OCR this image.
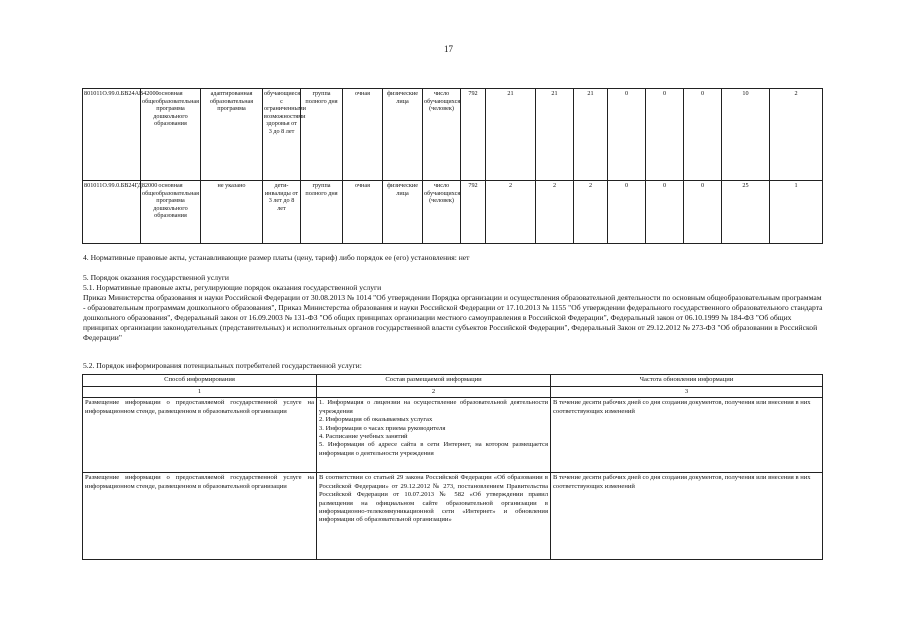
17
801011О.99.0.БВ24АВ42000	основная общеобразовательная программа дошкольного образования	адаптированная образовательная программа	обучающиеся с ограниченными возможностями здоровья от 3 до 8 лет	группа полного дня	очная	физические лица	число обучающихся (человек)	792	21	21	21	0	0	0	10	2
801011О.99.0.БВ24ГД82000	основная общеобразовательная программа дошкольного образования	не указано	дети-инвалиды от 3 лет до 8 лет	группа полного дня	очная	физические лица	число обучающихся (человек)	792	2	2	2	0	0	0	25	1
4. Нормативные правовые акты, устанавливающие размер платы (цену, тариф) либо порядок ее (его) установления: нет
5. Порядок оказания государственной услуги
5.1. Нормативные правовые акты, регулирующие порядок оказания государственной услуги
Приказ Министерства образования и науки Российской Федерации от 30.08.2013 № 1014 "Об утверждении Порядка организации и осуществления образовательной деятельности по основным общеобразовательным программам - образовательным программам дошкольного образования", Приказ Министерства образования и науки Российской Федерации от 17.10.2013 № 1155 "Об утверждении федерального государственного образовательного стандарта дошкольного образования", Федеральный закон от 16.09.2003 № 131-ФЗ "Об общих принципах организации местного самоуправления в Российской Федерации", Федеральный закон от 06.10.1999 № 184-ФЗ "Об общих принципах организации законодательных (представительных) и исполнительных органов государственной власти субъектов Российской Федерации", Федеральный Закон от 29.12.2012 № 273-ФЗ "Об образовании в Российской Федерации"
5.2. Порядок информирования потенциальных потребителей государственной услуги:
Способ информирования	Состав размещаемой информации	Частота обновления информации
1	2	3
Размещение информации о предоставляемой государственной услуге на информационном стенде, размещенном в образовательной организации	1. Информация о лицензии на осуществление образовательной деятельности учреждения
2. Информация об оказываемых услугах
3. Информация о часах приема руководителя
4. Расписание учебных занятий
5. Информация об адресе сайта в сети Интернет, на котором размещается информация о деятельности учреждения	В течение десяти рабочих дней со дня создания документов, получения или внесения в них соответствующих изменений
Размещение информации о предоставляемой государственной услуге на информационном стенде, размещенном в образовательной организации	В соответствии со статьей 29 закона Российской Федерации «Об образовании в Российской Федерации» от 29.12.2012 № 273, постановлением Правительства Российской Федерации от 10.07.2013 № 582 «Об утверждении правил размещения на официальном сайте образовательной организации в информационно-телекоммуникационной сети «Интернет» и обновления информации об образовательной организации»	В течение десяти рабочих дней со дня создания документов, получения или внесения в них соответствующих изменений
